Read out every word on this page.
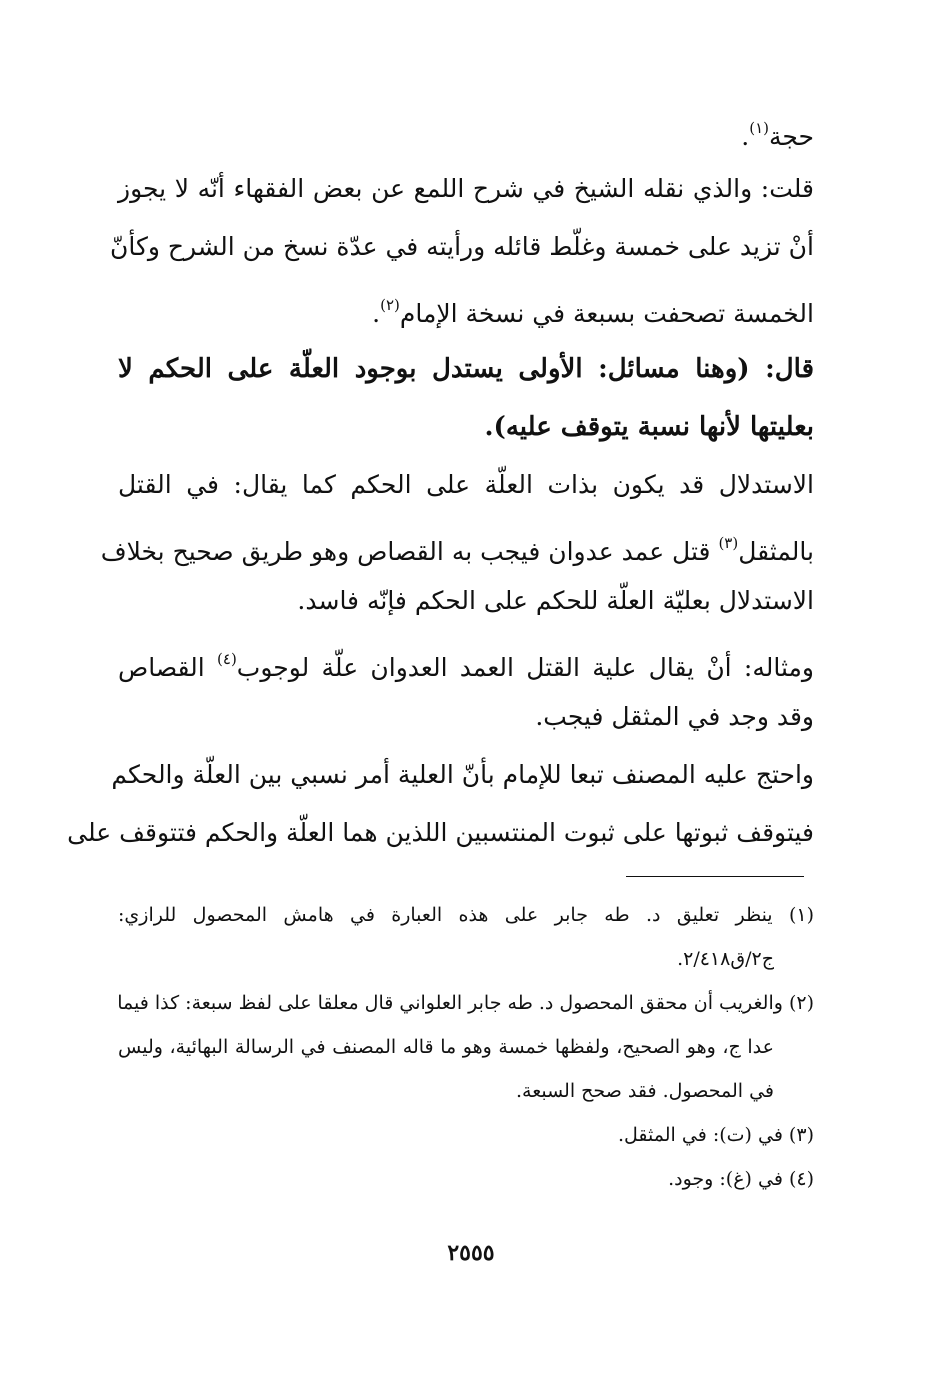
حجة$^{(١)}$.
قلت: والذي نقله الشيخ في شرح اللمع عن بعض الفقهاء أنّه لا يجوز
أنْ تزيد على خمسة وغلّط قائله ورأيته في عدّة نسخ من الشرح وكأنّ
الخمسة تصحفت بسبعة في نسخة الإمام$^{(٢)}$.
قال: (وهنا مسائل: الأولى يستدل بوجود العلّة على الحكم لا
بعليتها لأنها نسبة يتوقف عليه).
الاستدلال قد يكون بذات العلّة على الحكم كما يقال: في القتل
بالمثقل$^{(٣)}$ قتل عمد عدوان فيجب به القصاص وهو طريق صحيح بخلاف
الاستدلال بعليّة العلّة للحكم على الحكم فإنّه فاسد.
ومثاله: أنْ يقال علية القتل العمد العدوان علّة لوجوب$^{(٤)}$ القصاص
وقد وجد في المثقل فيجب.
واحتج عليه المصنف تبعا للإمام بأنّ العلية أمر نسبي بين العلّة والحكم
فيتوقف ثبوتها على ثبوت المنتسبين اللذين هما العلّة والحكم فتتوقف على
(١) ينظر تعليق د. طه جابر على هذه العبارة في هامش المحصول للرازي:
ج٢/ق٢/٤١٨.
(٢) والغريب أن محقق المحصول د. طه جابر العلواني قال معلقا على لفظ سبعة: كذا فيما
عدا ج، وهو الصحيح، ولفظها خمسة وهو ما قاله المصنف في الرسالة البهائية، وليس
في المحصول. فقد صحح السبعة.
(٣) في (ت): في المثقل.
(٤) في (غ): وجود.
٢٥٥٥
